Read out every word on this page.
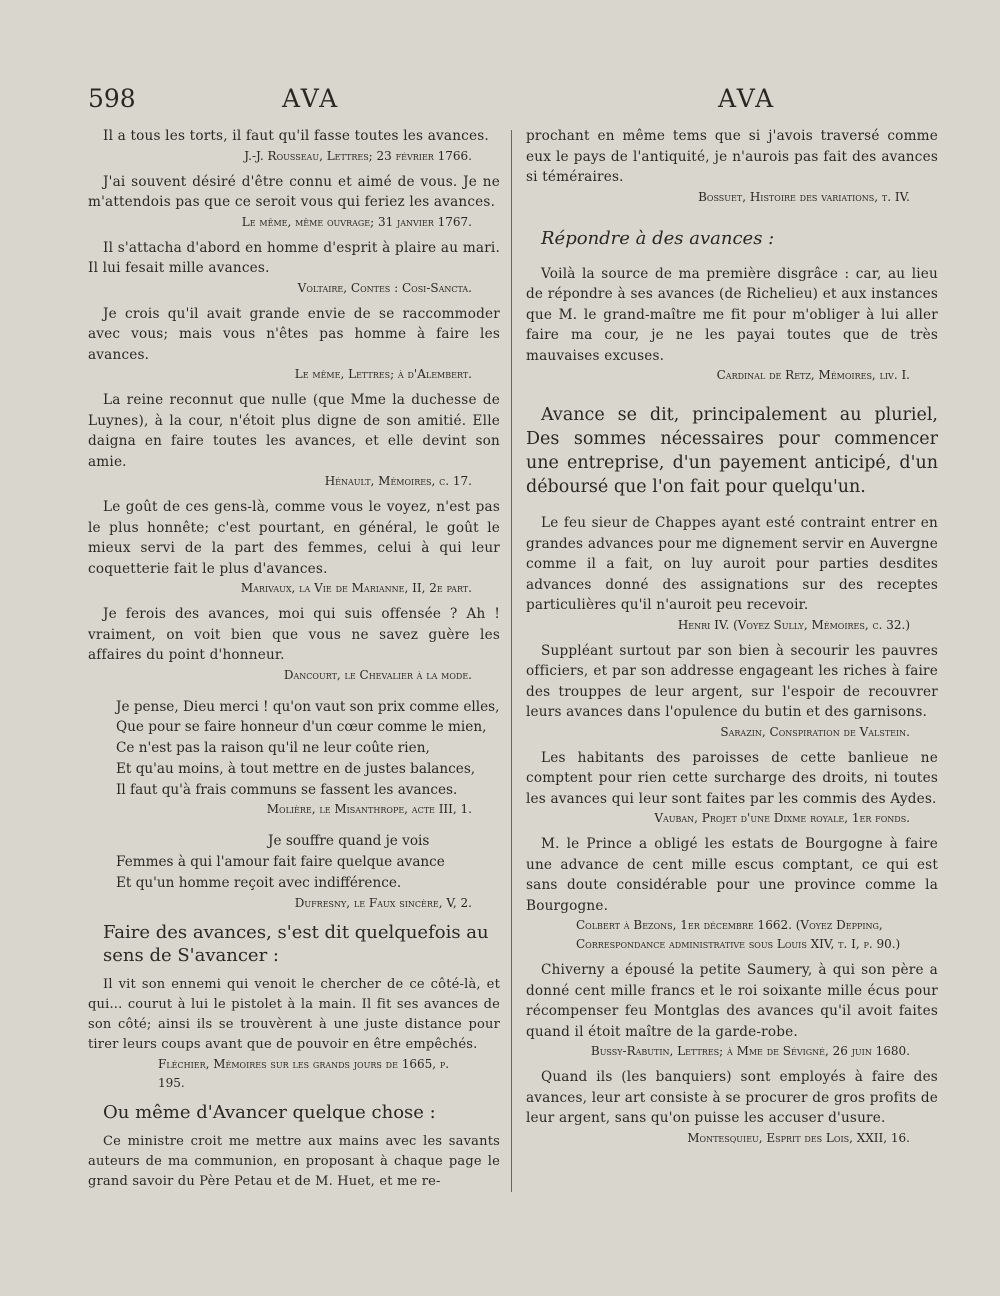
598	AVA	AVA

Il a tous les torts, il faut qu'il fasse toutes les avances.

J.-J. Rousseau, Lettres; 23 février 1766.

J'ai souvent désiré d'être connu et aimé de vous. Je ne m'attendois pas que ce seroit vous qui feriez les avances.

Le même, même ouvrage; 31 janvier 1767.

Il s'attacha d'abord en homme d'esprit à plaire au mari. Il lui fesait mille avances.

Voltaire, Contes : Cosi-Sancta.

Je crois qu'il avait grande envie de se raccommoder avec vous; mais vous n'êtes pas homme à faire les avances.

Le même, Lettres; à d'Alembert.

La reine reconnut que nulle (que Mme la duchesse de Luynes), à la cour, n'étoit plus digne de son amitié. Elle daigna en faire toutes les avances, et elle devint son amie.

Hénault, Mémoires, c. 17.

Le goût de ces gens-là, comme vous le voyez, n'est pas le plus honnête; c'est pourtant, en général, le goût le mieux servi de la part des femmes, celui à qui leur coquetterie fait le plus d'avances.

Marivaux, la Vie de Marianne, II, 2e part.

Je ferois des avances, moi qui suis offensée ? Ah ! vraiment, on voit bien que vous ne savez guère les affaires du point d'honneur.

Dancourt, le Chevalier à la mode.

Je pense, Dieu merci ! qu'on vaut son prix comme elles,

Que pour se faire honneur d'un cœur comme le mien,

Ce n'est pas la raison qu'il ne leur coûte rien,

Et qu'au moins, à tout mettre en de justes balances,

Il faut qu'à frais communs se fassent les avances.

Molière, le Misanthrope, acte III, 1.

Je souffre quand je vois

Femmes à qui l'amour fait faire quelque avance

Et qu'un homme reçoit avec indifférence.

Dufresny, le Faux sincère, V, 2.

Faire des avances, s'est dit quelquefois au sens de S'avancer :

Il vit son ennemi qui venoit le chercher de ce côté-là, et qui... courut à lui le pistolet à la main. Il fit ses avances de son côté; ainsi ils se trouvèrent à une juste distance pour tirer leurs coups avant que de pouvoir en être empêchés.

Fléchier, Mémoires sur les grands jours de 1665, p. 195.

Ou même d'Avancer quelque chose :

Ce ministre croit me mettre aux mains avec les savants auteurs de ma communion, en proposant à chaque page le grand savoir du Père Petau et de M. Huet, et me re-

prochant en même tems que si j'avois traversé comme eux le pays de l'antiquité, je n'aurois pas fait des avances si téméraires.

Bossuet, Histoire des variations, t. IV.

Répondre à des avances :

Voilà la source de ma première disgrâce : car, au lieu de répondre à ses avances (de Richelieu) et aux instances que M. le grand-maître me fit pour m'obliger à lui aller faire ma cour, je ne les payai toutes que de très mauvaises excuses.

Cardinal de Retz, Mémoires, liv. I.

Avance se dit, principalement au pluriel, Des sommes nécessaires pour commencer une entreprise, d'un payement anticipé, d'un déboursé que l'on fait pour quelqu'un.

Le feu sieur de Chappes ayant esté contraint entrer en grandes advances pour me dignement servir en Auvergne comme il a fait, on luy auroit pour parties desdites advances donné des assignations sur des receptes particulières qu'il n'auroit peu recevoir.

Henri IV. (Voyez Sully, Mémoires, c. 32.)

Suppléant surtout par son bien à secourir les pauvres officiers, et par son addresse engageant les riches à faire des trouppes de leur argent, sur l'espoir de recouvrer leurs avances dans l'opulence du butin et des garnisons.

Sarazin, Conspiration de Valstein.

Les habitants des paroisses de cette banlieue ne comptent pour rien cette surcharge des droits, ni toutes les avances qui leur sont faites par les commis des Aydes.

Vauban, Projet d'une Dixme royale, 1er fonds.

M. le Prince a obligé les estats de Bourgogne à faire une advance de cent mille escus comptant, ce qui est sans doute considérable pour une province comme la Bourgogne.

Colbert à Bezons, 1er décembre 1662. (Voyez Depping, Correspondance administrative sous Louis XIV, t. I, p. 90.)

Chiverny a épousé la petite Saumery, à qui son père a donné cent mille francs et le roi soixante mille écus pour récompenser feu Montglas des avances qu'il avoit faites quand il étoit maître de la garde-robe.

Bussy-Rabutin, Lettres; à Mme de Sévigné, 26 juin 1680.

Quand ils (les banquiers) sont employés à faire des avances, leur art consiste à se procurer de gros profits de leur argent, sans qu'on puisse les accuser d'usure.

Montesquieu, Esprit des Lois, XXII, 16.
